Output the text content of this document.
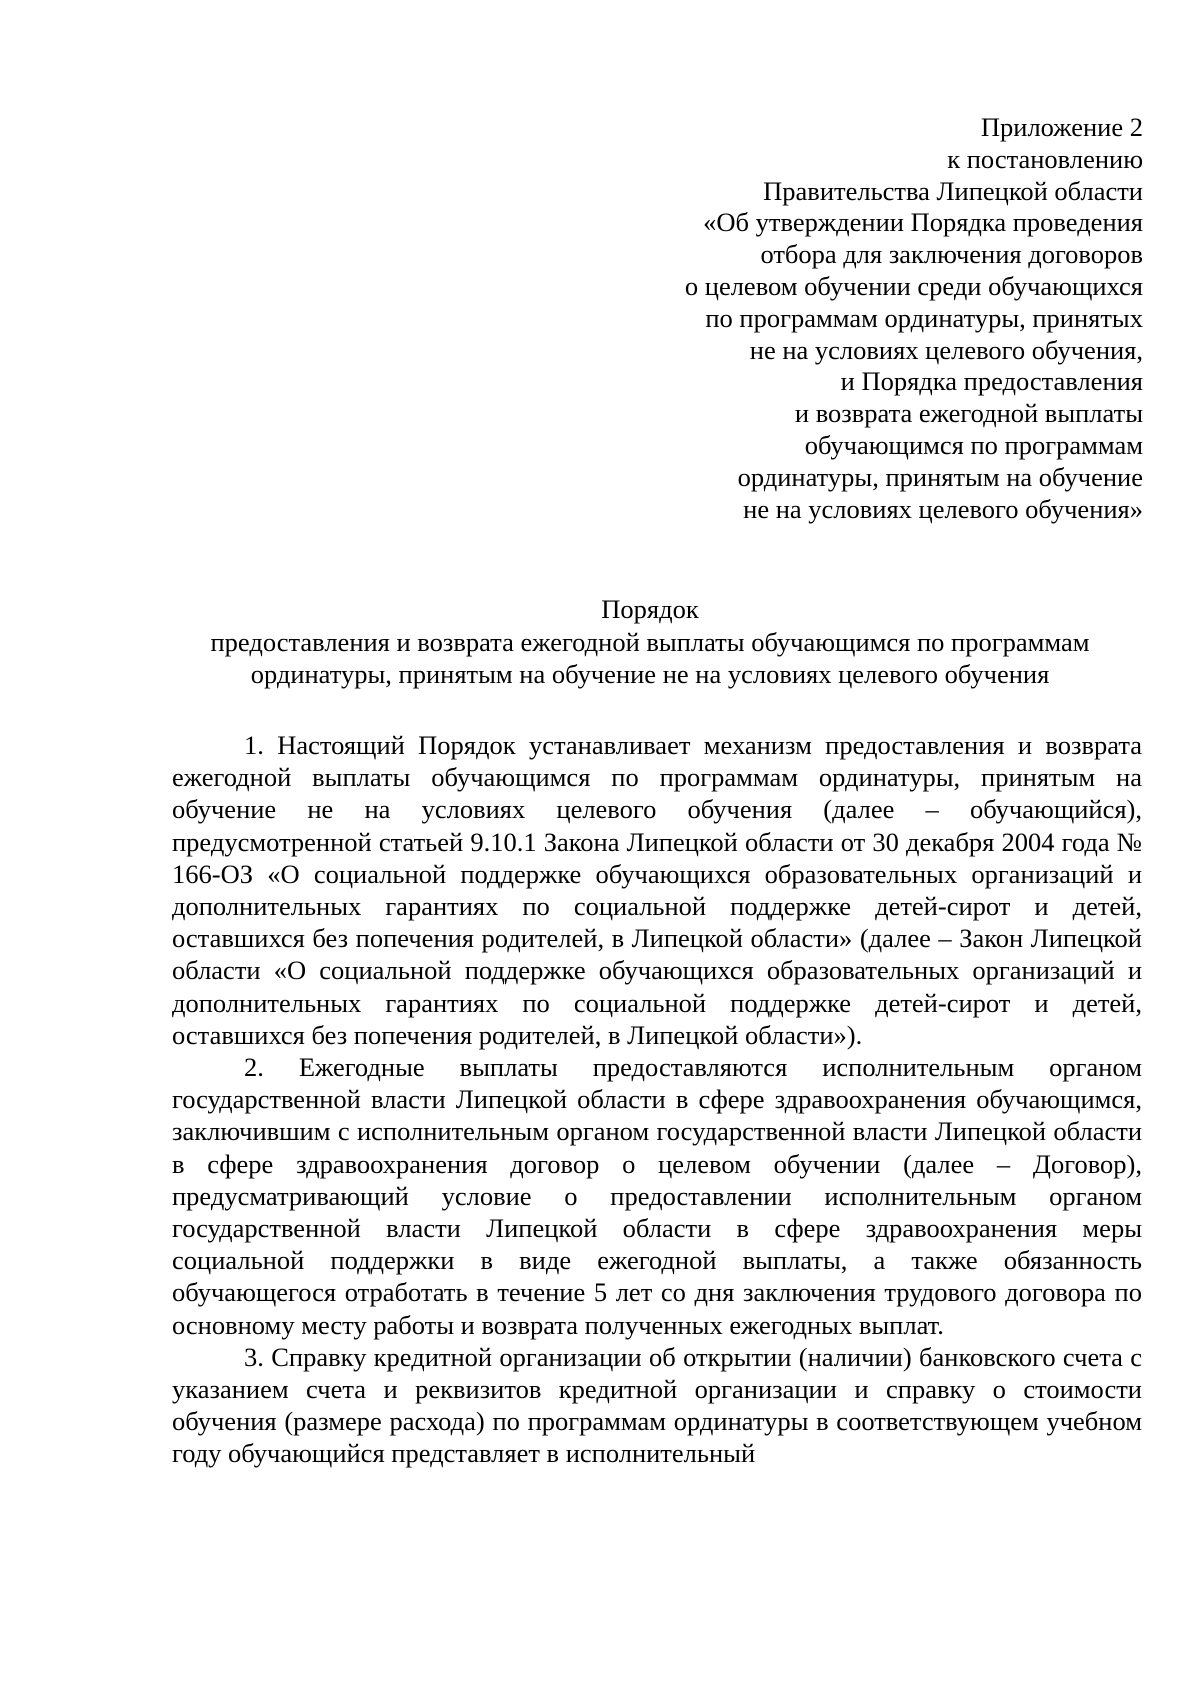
Приложение 2
к постановлению
Правительства Липецкой области
«Об утверждении Порядка проведения
отбора для заключения договоров
о целевом обучении среди обучающихся
по программам ординатуры, принятых
не на условиях целевого обучения,
и Порядка предоставления
и возврата ежегодной выплаты
обучающимся по программам
ординатуры, принятым на обучение
не на условиях целевого обучения»
Порядок
предоставления и возврата ежегодной выплаты обучающимся по программам
ординатуры, принятым на обучение не на условиях целевого обучения

1. Настоящий Порядок устанавливает механизм предоставления и возврата ежегодной выплаты обучающимся по программам ординатуры, принятым на обучение не на условиях целевого обучения (далее – обучающийся), предусмотренной статьей 9.10.1 Закона Липецкой области от 30 декабря 2004 года № 166-ОЗ «О социальной поддержке обучающихся образовательных организаций и дополнительных гарантиях по социальной поддержке детей-сирот и детей, оставшихся без попечения родителей, в Липецкой области» (далее – Закон Липецкой области «О социальной поддержке обучающихся образовательных организаций и дополнительных гарантиях по социальной поддержке детей-сирот и детей, оставшихся без попечения родителей, в Липецкой области»).

2. Ежегодные выплаты предоставляются исполнительным органом государственной власти Липецкой области в сфере здравоохранения обучающимся, заключившим с исполнительным органом государственной власти Липецкой области в сфере здравоохранения договор о целевом обучении (далее – Договор), предусматривающий условие о предоставлении исполнительным органом государственной власти Липецкой области в сфере здравоохранения меры социальной поддержки в виде ежегодной выплаты, а также обязанность обучающегося отработать в течение 5 лет со дня заключения трудового договора по основному месту работы и возврата полученных ежегодных выплат.

3. Справку кредитной организации об открытии (наличии) банковского счета с указанием счета и реквизитов кредитной организации и справку о стоимости обучения (размере расхода) по программам ординатуры в соответствующем учебном году обучающийся представляет в исполнительный
